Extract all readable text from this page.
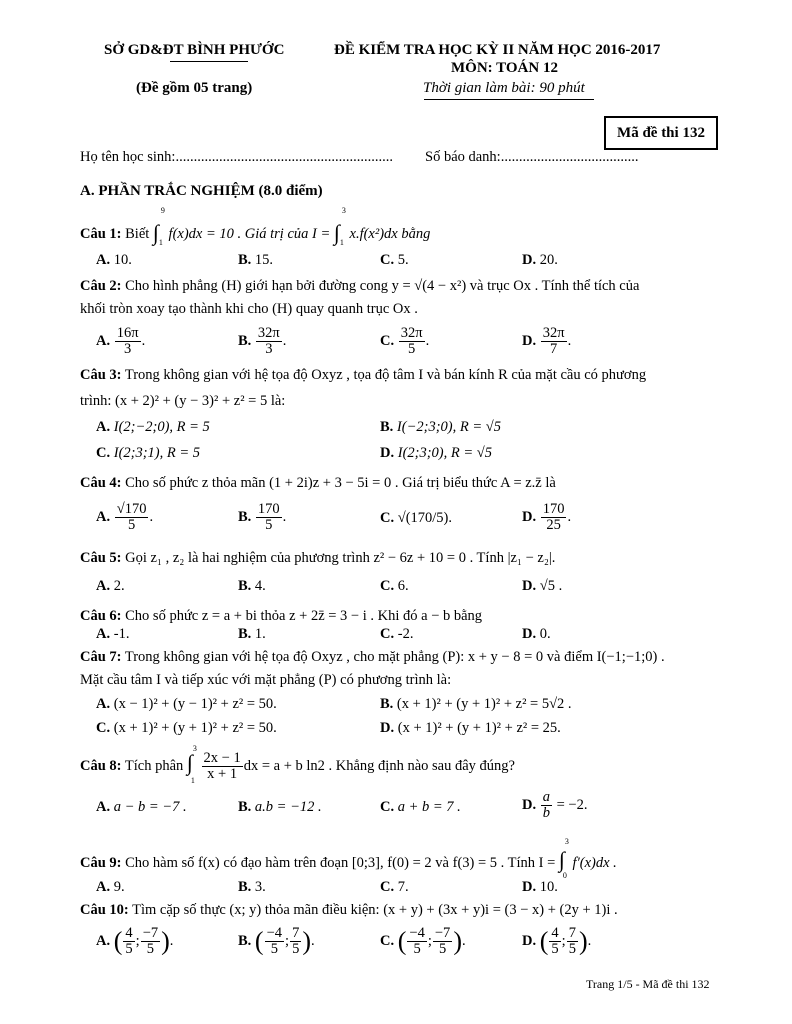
SỞ GD&ĐT BÌNH PHƯỚC
(Đề gồm 05 trang)
ĐỀ KIỂM TRA HỌC KỲ II NĂM HỌC 2016-2017
MÔN: TOÁN 12
Thời gian làm bài: 90 phút
Mã đề thi 132
Họ tên học sinh:............................................................ Số báo danh:......................................
A. PHẦN TRẮC NGHIỆM (8.0 điểm)
Câu 1: Biết ∫
9
1
f(x)dx = 10 . Giá trị của I = ∫
3
1
x.f(x²)dx bằng
A. 10.	B. 15.	C. 5.	D. 20.
Câu 2: Cho hình phẳng (H) giới hạn bởi đường cong y = √(4 − x²) và trục Ox . Tính thể tích của
khối tròn xoay tạo thành khi cho (H) quay quanh trục Ox .
A. $\frac{16\pi}{3}$ .	B. $\frac{32\pi}{3}$ .	C. $\frac{32\pi}{5}$ .	D. $\frac{32\pi}{7}$ .
Câu 3: Trong không gian với hệ tọa độ Oxyz , tọa độ tâm I và bán kính R của mặt cầu có phương
trình: (x + 2)² + (y − 3)² + z² = 5 là:
A. I(2;−2;0), R = 5	B. I(−2;3;0), R = √5
C. I(2;3;1), R = 5	D. I(2;3;0), R = √5
Câu 4: Cho số phức z thỏa mãn (1 + 2i)z + 3 − 5i = 0 . Giá trị biểu thức A = z.z̄ là
A. $\frac{√170}{5}$ .	B. $\frac{170}{5}$ .	C. √(170/5).	D. $\frac{170}{25}$ .
Câu 5: Gọi z₁ , z₂ là hai nghiệm của phương trình z² − 6z + 10 = 0 . Tính |z₁ − z₂|.
A. 2.	B. 4.	C. 6.	D. √5 .
Câu 6: Cho số phức z = a + bi thỏa z + 2z̄ = 3 − i . Khi đó a − b bằng
A. -1.	B. 1.	C. -2.	D. 0.
Câu 7: Trong không gian với hệ tọa độ Oxyz , cho mặt phẳng (P): x + y − 8 = 0 và điểm I(−1;−1;0) .
Mặt cầu tâm I và tiếp xúc với mặt phẳng (P) có phương trình là:
A. (x − 1)² + (y − 1)² + z² = 50.	B. (x + 1)² + (y + 1)² + z² = 5√2 .
C. (x + 1)² + (y + 1)² + z² = 50.	D. (x + 1)² + (y + 1)² + z² = 25.
Câu 8: Tích phân ∫
3
1
$\frac{2x - 1}{x + 1}$ dx = a + b ln2 . Khẳng định nào sau đây đúng?
A. a − b = −7 .	B. a.b = −12 .	C. a + b = 7 .	D. $\frac{a}{b} = -2$.
Câu 9: Cho hàm số f(x) có đạo hàm trên đoạn [0;3], f(0) = 2 và f(3) = 5 . Tính I = ∫
3
0
f′(x)dx .
A. 9.	B. 3.	C. 7.	D. 10.
Câu 10: Tìm cặp số thực (x; y) thỏa mãn điều kiện: (x + y) + (3x + y)i = (3 − x) + (2y + 1)i .
A. ( $\frac{4}{5}$ ; $\frac{-7}{5}$ ).	B. ( $\frac{-4}{5}$ ; $\frac{7}{5}$ ).	C. ( $\frac{-4}{5}$ ; $\frac{-7}{5}$ ).	D. ( $\frac{4}{5}$ ; $\frac{7}{5}$ ).
Trang 1/5 - Mã đề thi 132
